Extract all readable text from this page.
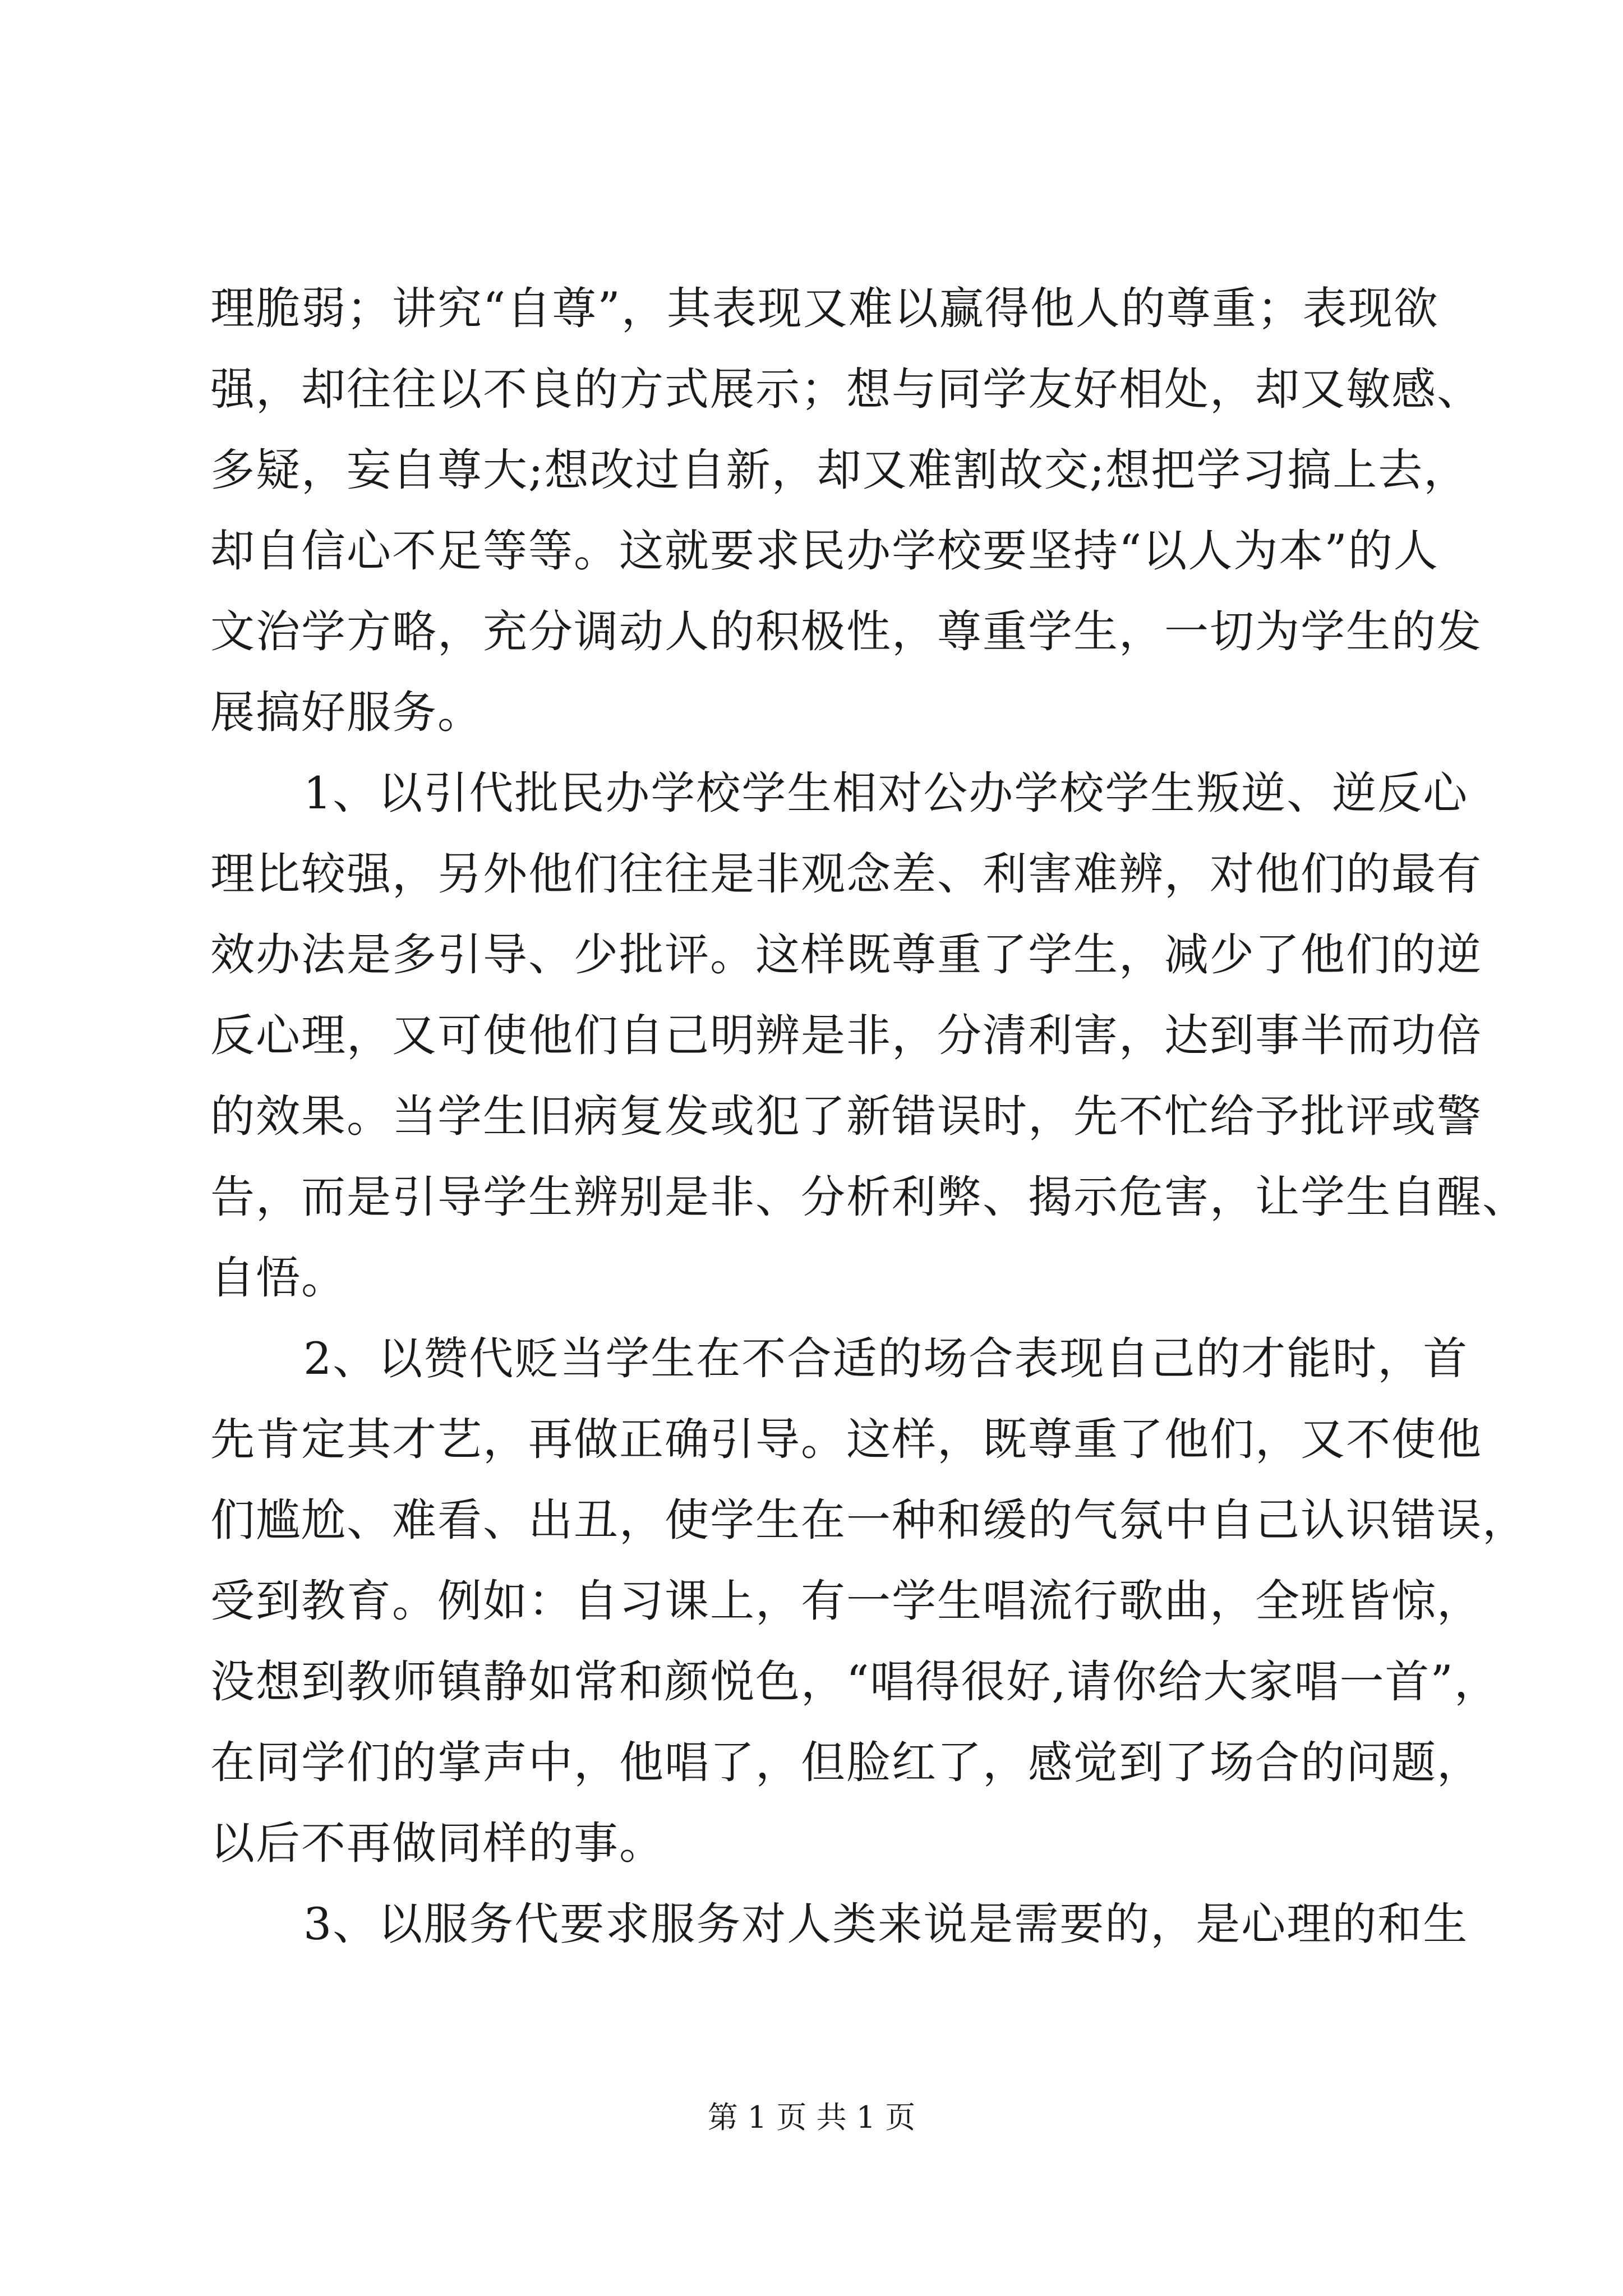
理脆弱；讲究“自尊”，其表现又难以赢得他人的尊重；表现欲
强，却往往以不良的方式展示；想与同学友好相处，却又敏感、
多疑，妄自尊大;想改过自新，却又难割故交;想把学习搞上去，
却自信心不足等等。这就要求民办学校要坚持“以人为本”的人
文治学方略，充分调动人的积极性，尊重学生，一切为学生的发
展搞好服务。
1、以引代批民办学校学生相对公办学校学生叛逆、逆反心
理比较强，另外他们往往是非观念差、利害难辨，对他们的最有
效办法是多引导、少批评。这样既尊重了学生，减少了他们的逆
反心理，又可使他们自己明辨是非，分清利害，达到事半而功倍
的效果。当学生旧病复发或犯了新错误时，先不忙给予批评或警
告，而是引导学生辨别是非、分析利弊、揭示危害，让学生自醒、
自悟。
2、以赞代贬当学生在不合适的场合表现自己的才能时，首
先肯定其才艺，再做正确引导。这样，既尊重了他们，又不使他
们尴尬、难看、出丑，使学生在一种和缓的气氛中自己认识错误，
受到教育。例如：自习课上，有一学生唱流行歌曲，全班皆惊，
没想到教师镇静如常和颜悦色，“唱得很好,请你给大家唱一首”，
在同学们的掌声中，他唱了，但脸红了，感觉到了场合的问题，
以后不再做同样的事。
3、以服务代要求服务对人类来说是需要的，是心理的和生
第 1 页 共 1 页
